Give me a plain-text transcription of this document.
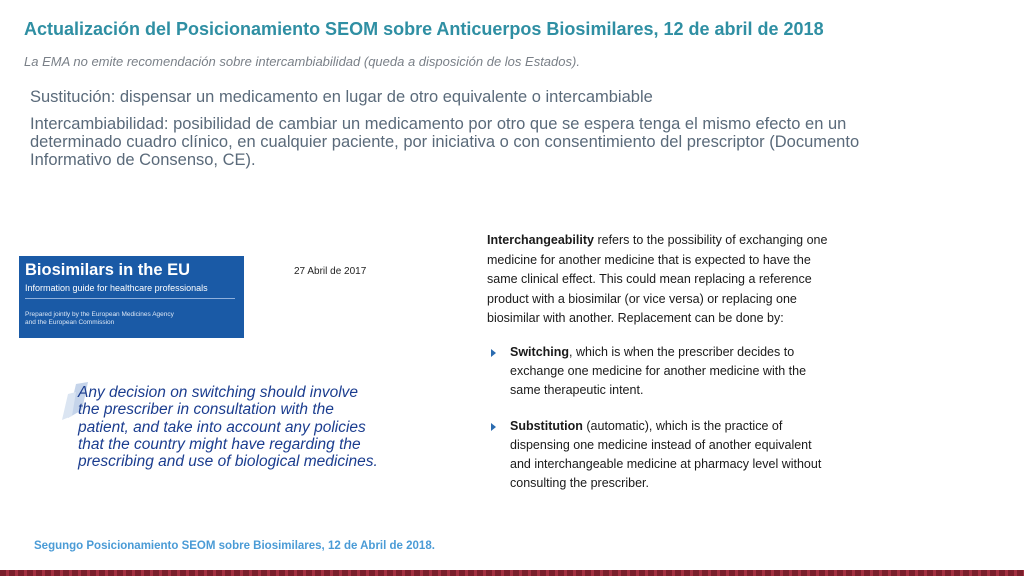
Actualización del Posicionamiento SEOM sobre Anticuerpos Biosimilares, 12 de abril de 2018
La EMA no emite recomendación sobre intercambiabilidad (queda a disposición de los Estados).

Sustitución: dispensar un medicamento en lugar de otro equivalente o intercambiable

Intercambiabilidad: posibilidad de cambiar un medicamento por otro que se espera tenga el mismo efecto en un determinado cuadro clínico, en cualquier paciente, por iniciativa o con consentimiento del prescriptor (Documento Informativo de Consenso, CE).

Biosimilars in the EU
Information guide for healthcare professionals
Prepared jointly by the European Medicines Agency
and the European Commission
27 Abril de 2017
Any decision on switching should involve the prescriber in consultation with the patient, and take into account any policies that the country might have regarding the prescribing and use of biological medicines.
Interchangeability refers to the possibility of exchanging one medicine for another medicine that is expected to have the same clinical effect. This could mean replacing a reference product with a biosimilar (or vice versa) or replacing one biosimilar with another. Replacement can be done by:
Switching, which is when the prescriber decides to exchange one medicine for another medicine with the same therapeutic intent.
Substitution (automatic), which is the practice of dispensing one medicine instead of another equivalent and interchangeable medicine at pharmacy level without consulting the prescriber.
Segungo Posicionamiento SEOM sobre Biosimilares, 12 de Abril de 2018.
